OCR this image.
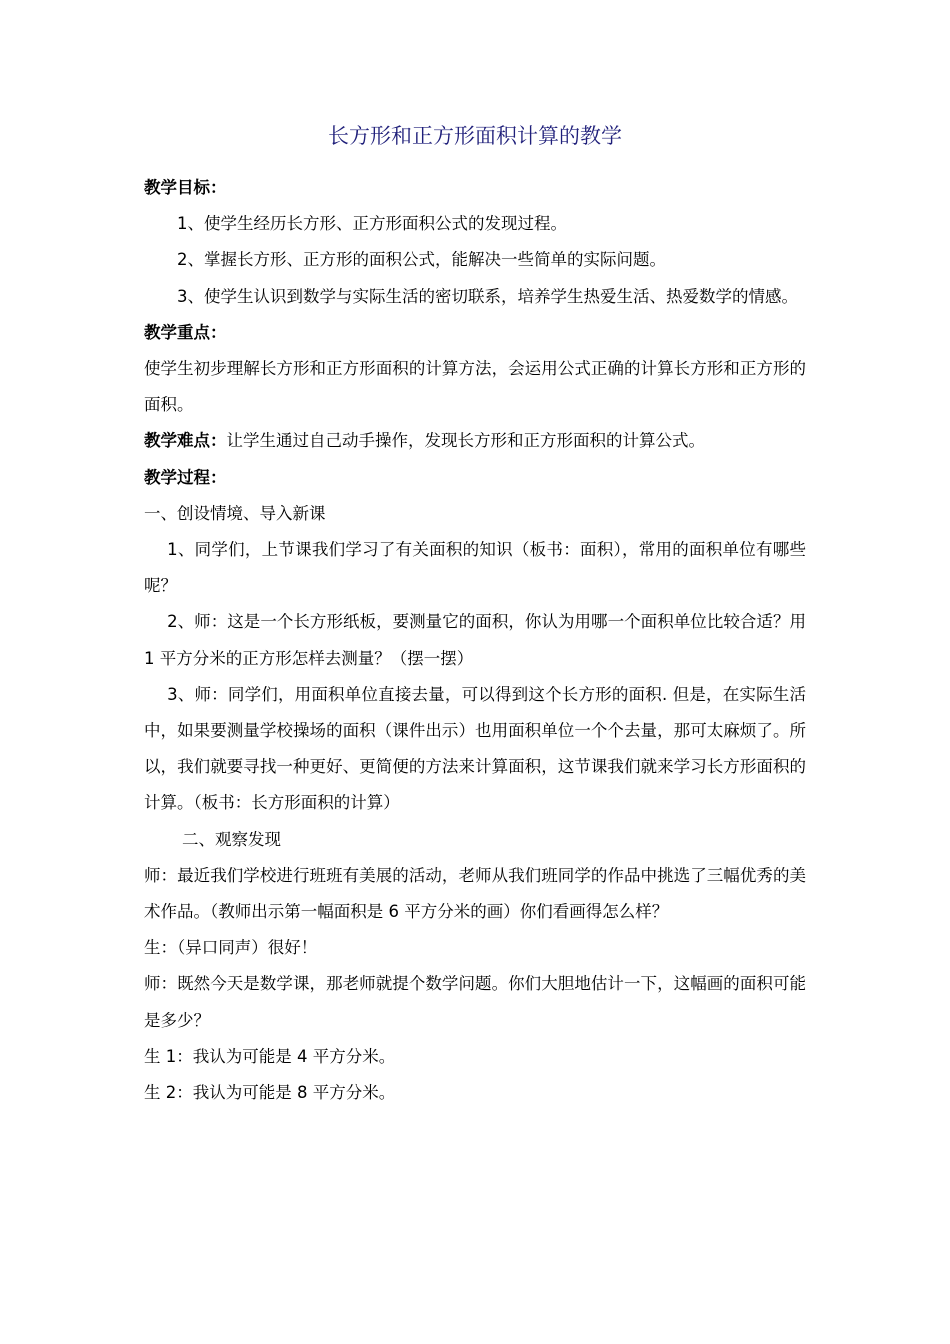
长方形和正方形面积计算的教学

教学目标：

1、使学生经历长方形、正方形面积公式的发现过程。

2、掌握长方形、正方形的面积公式，能解决一些简单的实际问题。

3、使学生认识到数学与实际生活的密切联系，培养学生热爱生活、热爱数学的情感。

教学重点：

使学生初步理解长方形和正方形面积的计算方法，会运用公式正确的计算长方形和正方形的面积。

教学难点：让学生通过自己动手操作，发现长方形和正方形面积的计算公式。

教学过程：

一、创设情境、导入新课

1、同学们，上节课我们学习了有关面积的知识（板书：面积），常用的面积单位有哪些呢？

2、师：这是一个长方形纸板，要测量它的面积，你认为用哪一个面积单位比较合适？用 1 平方分米的正方形怎样去测量？（摆一摆）

3、师：同学们，用面积单位直接去量，可以得到这个长方形的面积. 但是，在实际生活中，如果要测量学校操场的面积（课件出示）也用面积单位一个个去量，那可太麻烦了。所以，我们就要寻找一种更好、更简便的方法来计算面积，这节课我们就来学习长方形面积的计算。（板书：长方形面积的计算）

二、观察发现

师：最近我们学校进行班班有美展的活动，老师从我们班同学的作品中挑选了三幅优秀的美术作品。（教师出示第一幅面积是 6 平方分米的画）你们看画得怎么样？

生：（异口同声）很好！

师：既然今天是数学课，那老师就提个数学问题。你们大胆地估计一下，这幅画的面积可能是多少？

生 1：我认为可能是 4 平方分米。

生 2：我认为可能是 8 平方分米。
